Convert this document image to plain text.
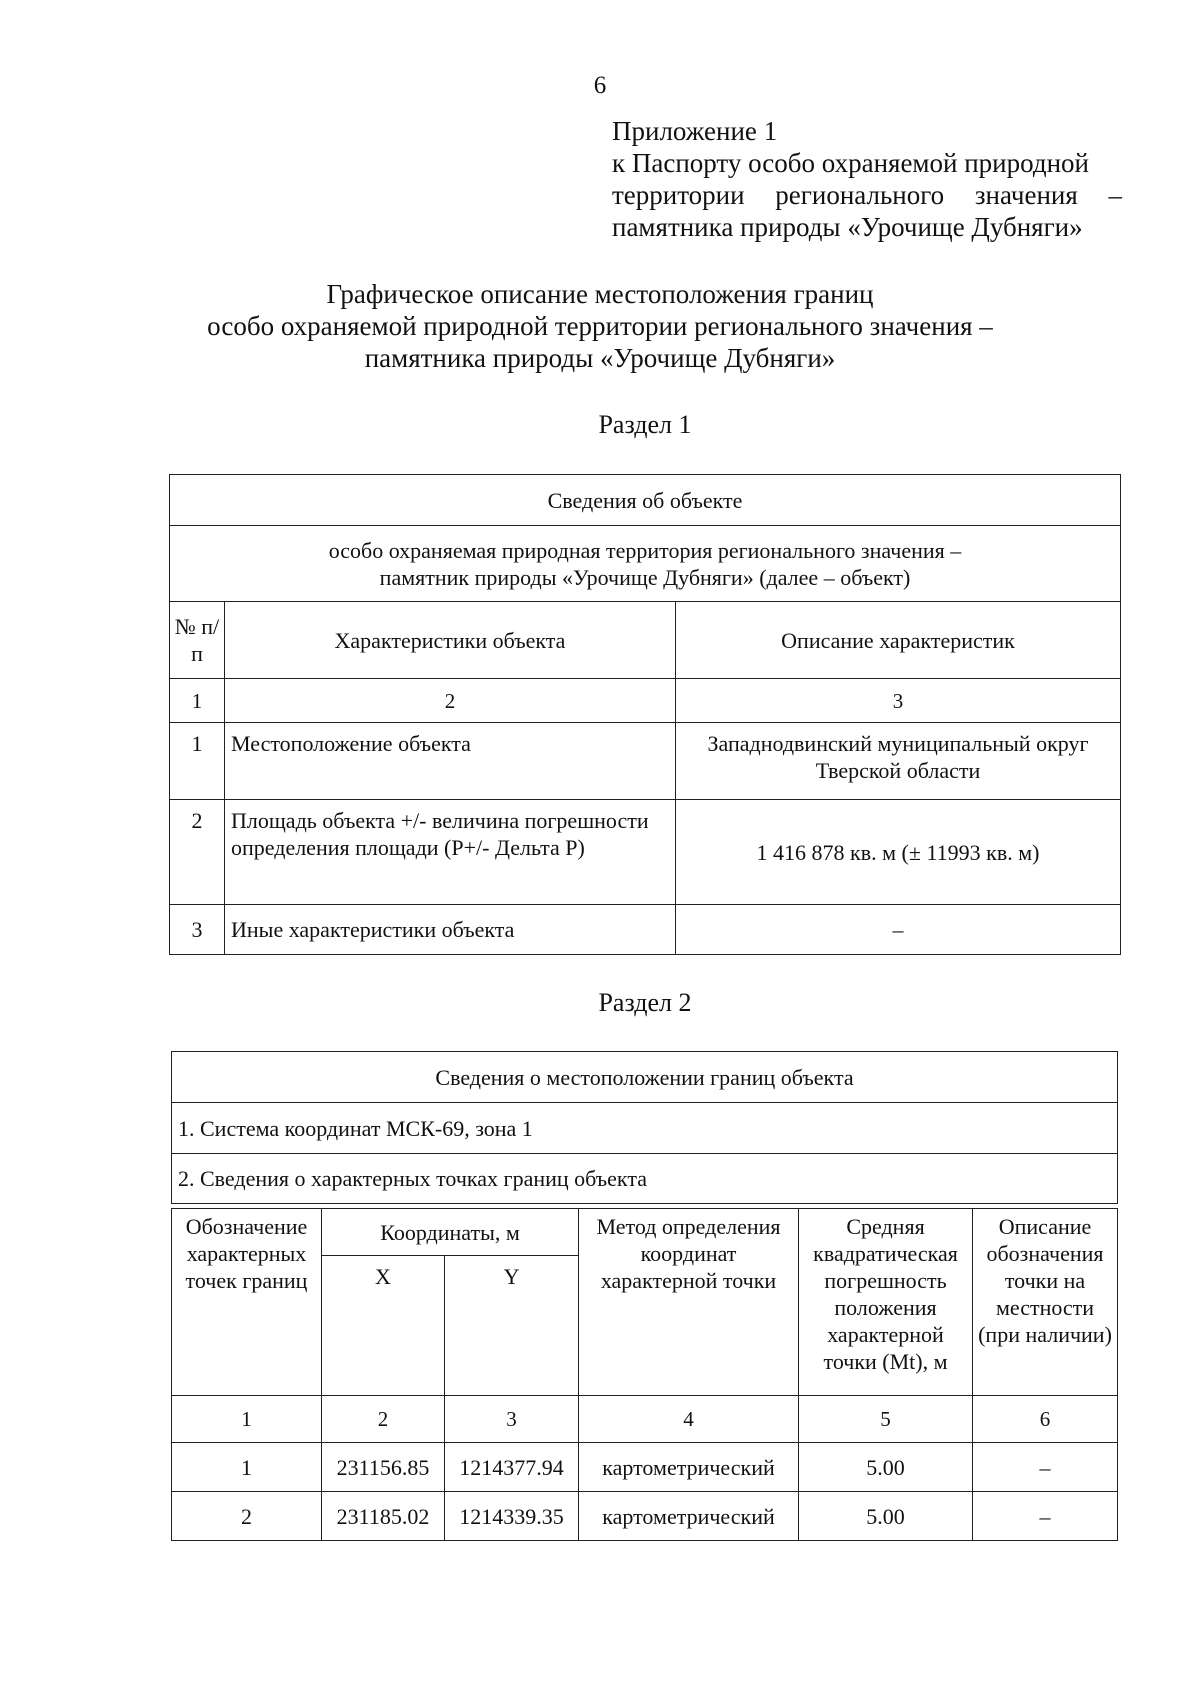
6
Приложение 1
к Паспорту особо охраняемой природной
территории регионального значения –
памятника природы «Урочище Дубняги»
Графическое описание местоположения границ
особо охраняемой природной территории регионального значения –
памятника природы «Урочище Дубняги»
Раздел 1
Сведения об объекте		

особо охраняемая природная территория регионального значения –
памятник природы «Урочище Дубняги» (далее – объект)		

№ п/п	Характеристики объекта	Описание характеристик
1	2	3
1	Местоположение объекта	Западнодвинский муниципальный округ Тверской области
2	Площадь объекта +/- величина погрешности определения площади (Р+/- Дельта Р)	1 416 878 кв. м (± 11993 кв. м)
3	Иные характеристики объекта	–
Раздел 2
Сведения о местоположении границ объекта
1. Система координат МСК-69, зона 1
2. Сведения о характерных точках границ объекта
Обозначение характерных точек границ	Координаты, м		Метод определения координат характерной точки	Средняя квадратическая погрешность положения характерной точки (Mt), м	Описание обозначения точки на местности (при наличии)
	X	Y			
1	2	3	4	5	6
1	231156.85	1214377.94	картометрический	5.00	–
2	231185.02	1214339.35	картометрический	5.00	–
